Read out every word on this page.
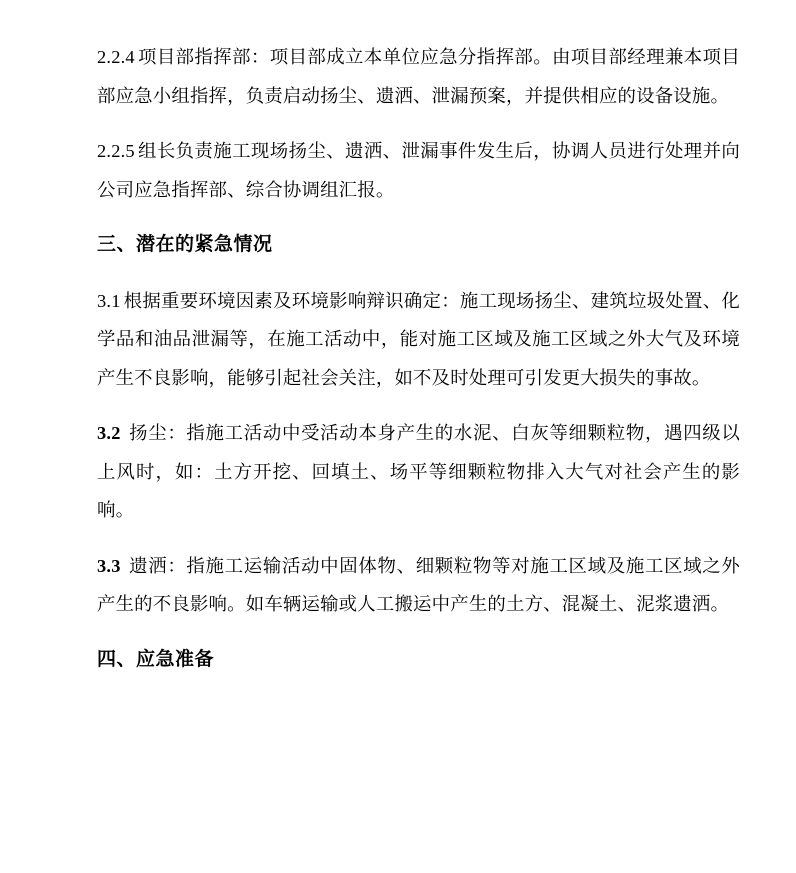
2.2.4 项目部指挥部：项目部成立本单位应急分指挥部。由项目部经理兼本项目部应急小组指挥，负责启动扬尘、遗洒、泄漏预案，并提供相应的设备设施。

2.2.5 组长负责施工现场扬尘、遗洒、泄漏事件发生后，协调人员进行处理并向公司应急指挥部、综合协调组汇报。

三、潜在的紧急情况

3.1 根据重要环境因素及环境影响辩识确定：施工现场扬尘、建筑垃圾处置、化学品和油品泄漏等，在施工活动中，能对施工区域及施工区域之外大气及环境产生不良影响，能够引起社会关注，如不及时处理可引发更大损失的事故。

3.2 扬尘：指施工活动中受活动本身产生的水泥、白灰等细颗粒物，遇四级以上风时，如：土方开挖、回填土、场平等细颗粒物排入大气对社会产生的影响。

3.3 遗洒：指施工运输活动中固体物、细颗粒物等对施工区域及施工区域之外产生的不良影响。如车辆运输或人工搬运中产生的土方、混凝土、泥浆遗洒。

四、应急准备
